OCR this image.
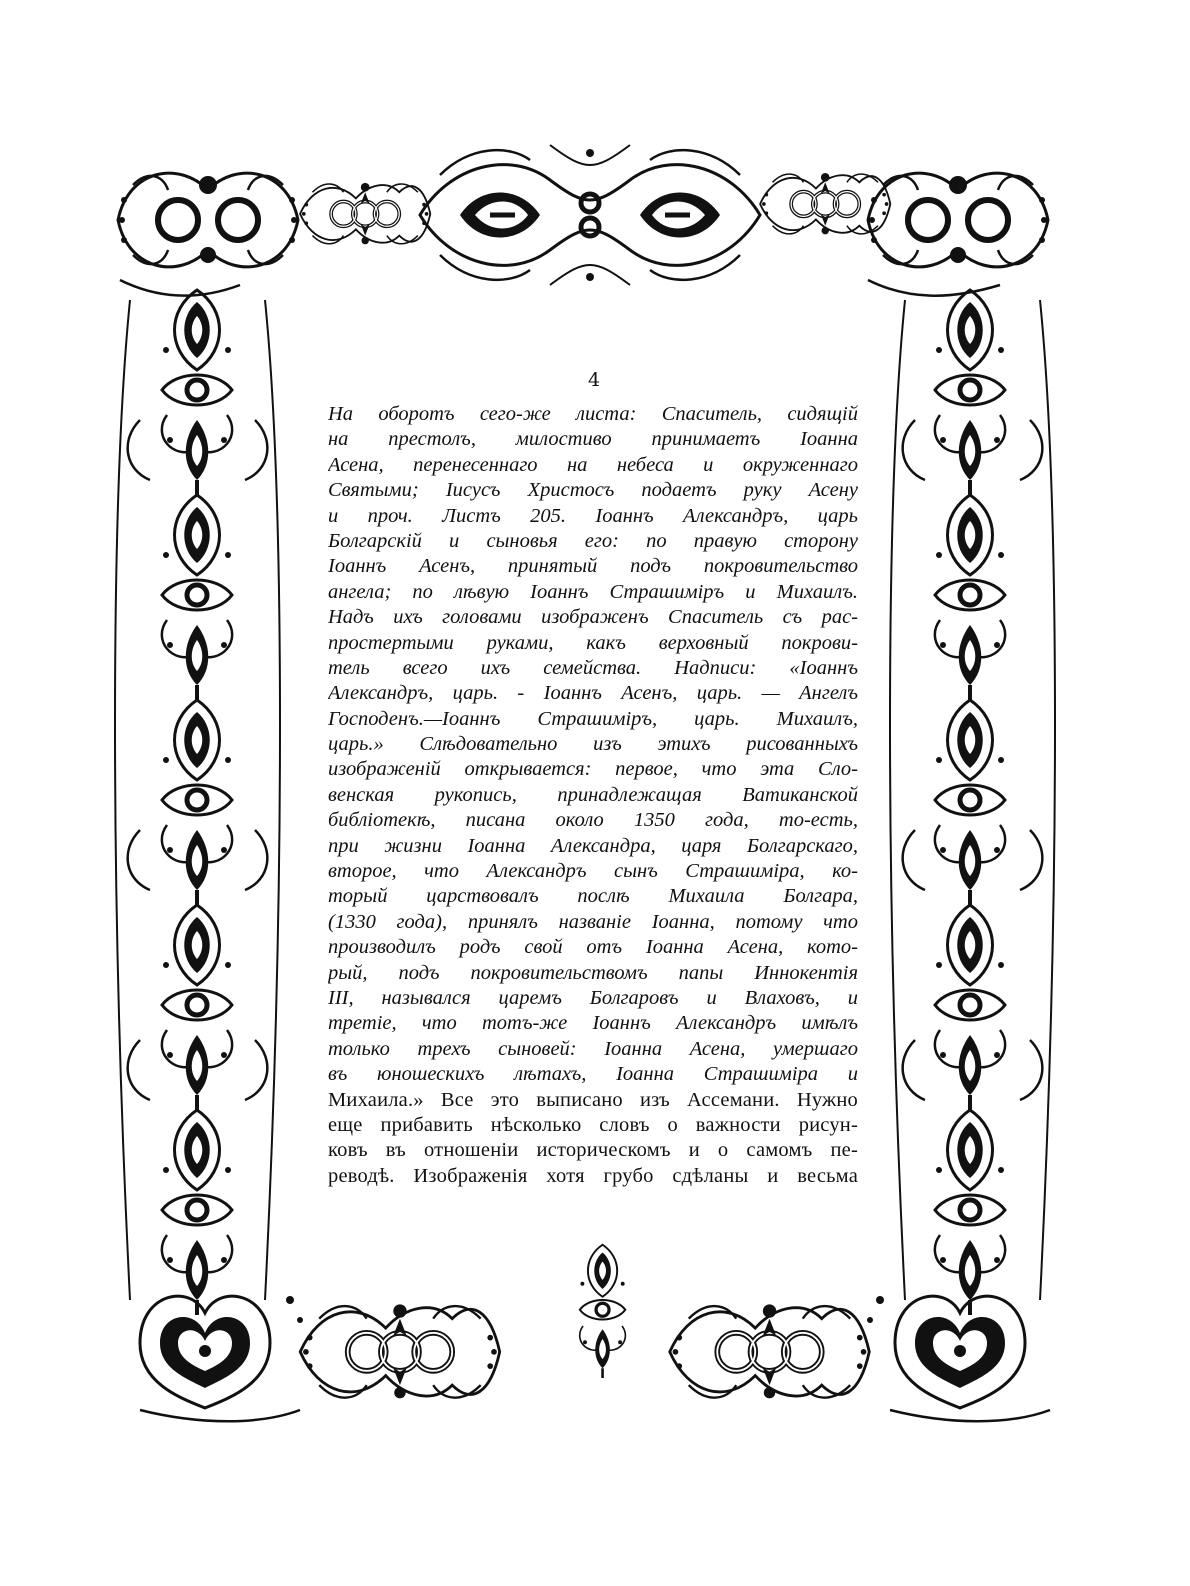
4
На оборотъ сего-же листа: Спаситель, сидящій
на престолъ, милостиво принимаетъ Іоанна
Асена, перенесеннаго на небеса и окруженнаго
Святыми; Іисусъ Христосъ подаетъ руку Асену
и проч. Листъ 205. Іоаннъ Александръ, царь
Болгарскій и сыновья его: по правую сторону
Іоаннъ Асенъ, принятый подъ покровительство
ангела; по лѣвую Іоаннъ Страшиміръ и Михаилъ.
Надъ ихъ головами изображенъ Спаситель съ рас-
простертыми руками, какъ верховный покрови-
тель всего ихъ семейства. Надписи: «Іоаннъ
Александръ, царь. - Іоаннъ Асенъ, царь. — Ангелъ
Господенъ.—Іоаннъ Страшиміръ, царь. Михаилъ,
царь.» Слѣдовательно изъ этихъ рисованныхъ
изображеній открывается: первое, что эта Сло-
венская рукопись, принадлежащая Ватиканской
библіотекѣ, писана около 1350 года, то-есть,
при жизни Іоанна Александра, царя Болгарскаго,
второе, что Александръ сынъ Страшиміра, ко-
торый царствовалъ послѣ Михаила Болгара,
(1330 года), принялъ названіе Іоанна, потому что
производилъ родъ свой отъ Іоанна Асена, кото-
рый, подъ покровительствомъ папы Иннокентія
III, назывался царемъ Болгаровъ и Влаховъ, и
третіе, что тотъ-же Іоаннъ Александръ имѣлъ
только трехъ сыновей: Іоанна Асена, умершаго
въ юношескихъ лѣтахъ, Іоанна Страшиміра и
Михаила.» Все это выписано изъ Ассемани. Нужно
еще прибавить нѣсколько словъ о важности рисун-
ковъ въ отношеніи историческомъ и о самомъ пе-
реводѣ. Изображенія хотя грубо сдѣланы и весьма
